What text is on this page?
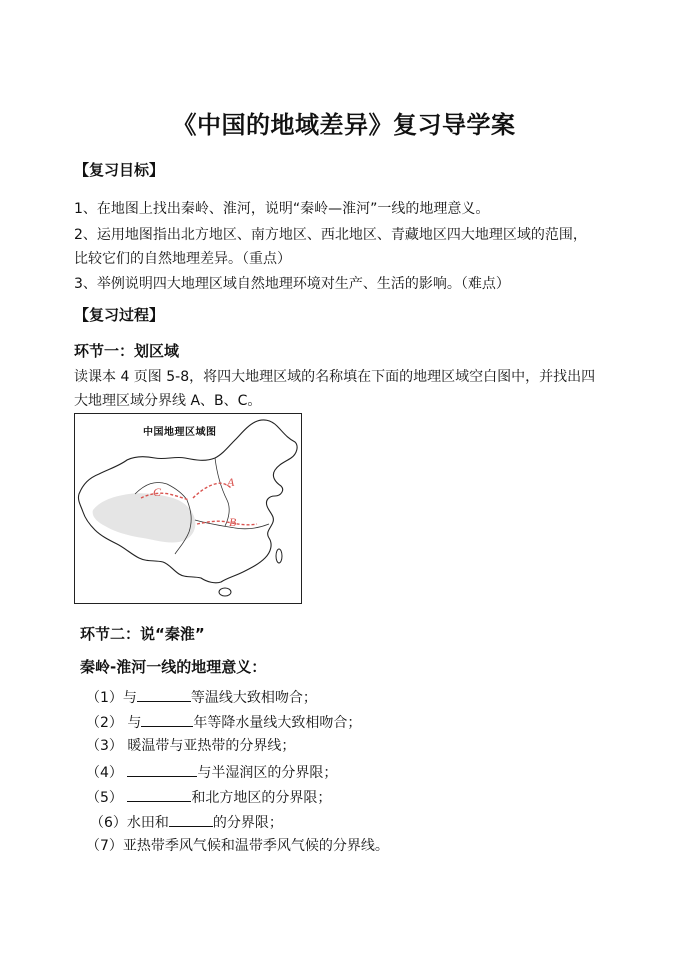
《中国的地域差异》复习导学案
【复习目标】
1、在地图上找出秦岭、淮河，说明“秦岭—淮河”一线的地理意义。
2、运用地图指出北方地区、南方地区、西北地区、青藏地区四大地理区域的范围，
比较它们的自然地理差异。（重点）
3、举例说明四大地理区域自然地理环境对生产、生活的影响。（难点）
【复习过程】
环节一：划区域
读课本 4 页图 5-8，将四大地理区域的名称填在下面的地理区域空白图中，并找出四
大地理区域分界线 A、B、C。
中国地理区域图
A
B
C
环节二：说“秦淮”
秦岭-淮河一线的地理意义：
（1）与	等温线大致相吻合；
（2） 与	年等降水量线大致相吻合；
（3） 暖温带与亚热带的分界线；
（4）	与半湿润区的分界限；
（5）	和北方地区的分界限；
（6）水田和	的分界限；
（7）亚热带季风气候和温带季风气候的分界线。
